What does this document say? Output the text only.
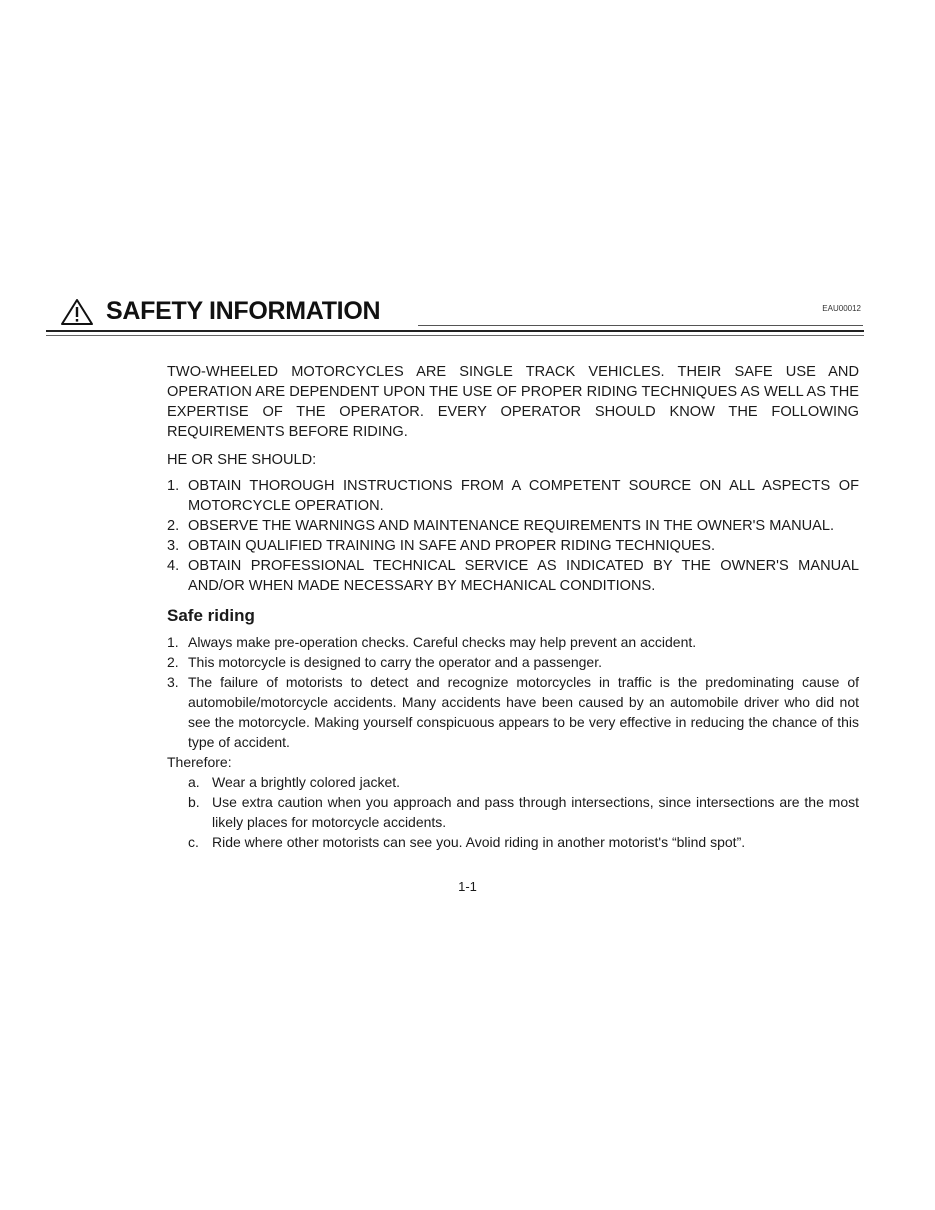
SAFETY INFORMATION	EAU00012

TWO-WHEELED MOTORCYCLES ARE SINGLE TRACK VEHICLES. THEIR SAFE USE AND OPERATION ARE DEPENDENT UPON THE USE OF PROPER RIDING TECHNIQUES AS WELL AS THE EXPERTISE OF THE OPERATOR. EVERY OPERATOR SHOULD KNOW THE FOLLOWING REQUIREMENTS BEFORE RIDING.

HE OR SHE SHOULD:

1. OBTAIN THOROUGH INSTRUCTIONS FROM A COMPETENT SOURCE ON ALL ASPECTS OF MOTORCYCLE OPERATION.
2. OBSERVE THE WARNINGS AND MAINTENANCE REQUIREMENTS IN THE OWNER'S MANUAL.
3. OBTAIN QUALIFIED TRAINING IN SAFE AND PROPER RIDING TECHNIQUES.
4. OBTAIN PROFESSIONAL TECHNICAL SERVICE AS INDICATED BY THE OWNER'S MANUAL AND/OR WHEN MADE NECESSARY BY MECHANICAL CONDITIONS.
Safe riding
1. Always make pre-operation checks. Careful checks may help prevent an accident.
2. This motorcycle is designed to carry the operator and a passenger.
3. The failure of motorists to detect and recognize motorcycles in traffic is the predominating cause of automobile/motorcycle accidents. Many accidents have been caused by an automobile driver who did not see the motorcycle. Making yourself conspicuous appears to be very effective in reducing the chance of this type of accident.

Therefore:

a. Wear a brightly colored jacket.
b. Use extra caution when you approach and pass through intersections, since intersections are the most likely places for motorcycle accidents.
c. Ride where other motorists can see you. Avoid riding in another motorist's “blind spot”.
1-1
